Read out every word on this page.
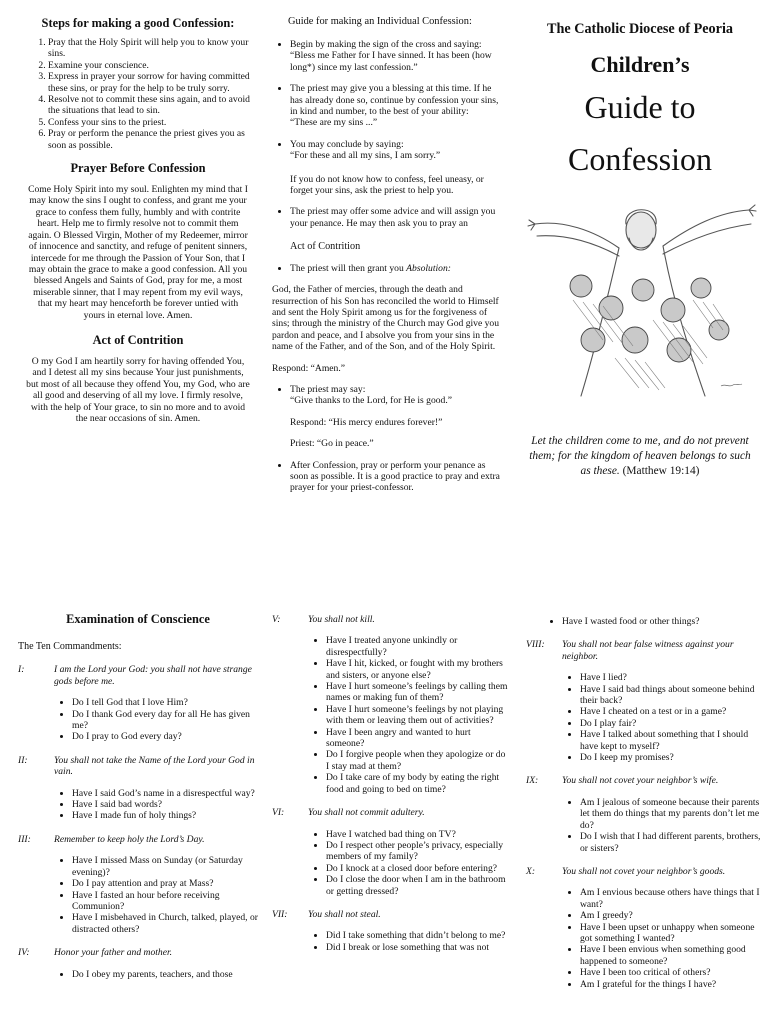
Steps for making a good Confession:
1. Pray that the Holy Spirit will help you to know your sins.
2. Examine your conscience.
3. Express in prayer your sorrow for having committed these sins, or pray for the help to be truly sorry.
4. Resolve not to commit these sins again, and to avoid the situations that lead to sin.
5. Confess your sins to the priest.
6. Pray or perform the penance the priest gives you as soon as possible.
Prayer Before Confession

Come Holy Spirit into my soul. Enlighten my mind that I may know the sins I ought to confess, and grant me your grace to confess them fully, humbly and with contrite heart. Help me to firmly resolve not to commit them again. O Blessed Virgin, Mother of my Redeemer, mirror of innocence and sanctity, and refuge of penitent sinners, intercede for me through the Passion of Your Son, that I may obtain the grace to make a good confession. All you blessed Angels and Saints of God, pray for me, a most miserable sinner, that I may repent from my evil ways, that my heart may henceforth be forever untied with yours in eternal love. Amen.

Act of Contrition

O my God I am heartily sorry for having offended You, and I detest all my sins because Your just punishments, but most of all because they offend You, my God, who are all good and deserving of all my love. I firmly resolve, with the help of Your grace, to sin no more and to avoid the near occasions of sin. Amen.

Guide for making an Individual Confession:
• Begin by making the sign of the cross and saying:
“Bless me Father for I have sinned. It has been (how long*) since my last confession.”
• The priest may give you a blessing at this time. If he has already done so, continue by confession your sins, in kind and number, to the best of your ability:
“These are my sins ...”
• You may conclude by saying:
“For these and all my sins, I am sorry.”
If you do not know how to confess, feel uneasy, or forget your sins, ask the priest to help you.
• The priest may offer some advice and will assign you your penance. He may then ask you to pray an
Act of Contrition
• The priest will then grant you Absolution:
God, the Father of mercies, through the death and resurrection of his Son has reconciled the world to Himself and sent the Holy Spirit among us for the forgiveness of sins; through the ministry of the Church may God give you pardon and peace, and I absolve you from your sins in the name of the Father, and of the Son, and of the Holy Spirit.
Respond: “Amen.”
• The priest may say:
“Give thanks to the Lord, for He is good.”
Respond: “His mercy endures forever!”
Priest: “Go in peace.”
• After Confession, pray or perform your penance as soon as possible. It is a good practice to pray and extra prayer for your priest-confessor.
The Catholic Diocese of Peoria
Children’s
Guide to
Confession
Let the children come to me, and do not prevent them; for the kingdom of heaven belongs to such as these. (Matthew 19:14)
Examination of Conscience
The Ten Commandments:
I:	I am the Lord your God: you shall not have strange gods before me.
• Do I tell God that I love Him?
• Do I thank God every day for all He has given me?
• Do I pray to God every day?
II:	You shall not take the Name of the Lord your God in vain.
• Have I said God’s name in a disrespectful way?
• Have I said bad words?
• Have I made fun of holy things?
III:	Remember to keep holy the Lord’s Day.
• Have I missed Mass on Sunday (or Saturday evening)?
• Do I pay attention and pray at Mass?
• Have I fasted an hour before receiving Communion?
• Have I misbehaved in Church, talked, played, or distracted others?
IV:	Honor your father and mother.
• Do I obey my parents, teachers, and those
V:	You shall not kill.
• Have I treated anyone unkindly or disrespectfully?
• Have I hit, kicked, or fought with my brothers and sisters, or anyone else?
• Have I hurt someone’s feelings by calling them names or making fun of them?
• Have I hurt someone’s feelings by not playing with them or leaving them out of activities?
• Have I been angry and wanted to hurt someone?
• Do I forgive people when they apologize or do I stay mad at them?
• Do I take care of my body by eating the right food and going to bed on time?
VI:	You shall not commit adultery.
• Have I watched bad thing on TV?
• Do I respect other people’s privacy, especially members of my family?
• Do I knock at a closed door before entering?
• Do I close the door when I am in the bathroom or getting dressed?
VII:	You shall not steal.
• Did I take something that didn’t belong to me?
• Did I break or lose something that was not
• Have I wasted food or other things?
VIII:	You shall not bear false witness against your neighbor.
• Have I lied?
• Have I said bad things about someone behind their back?
• Have I cheated on a test or in a game?
• Do I play fair?
• Have I talked about something that I should have kept to myself?
• Do I keep my promises?
IX:	You shall not covet your neighbor’s wife.
• Am I jealous of someone because their parents let them do things that my parents don’t let me do?
• Do I wish that I had different parents, brothers, or sisters?
X:	You shall not covet your neighbor’s goods.
• Am I envious because others have things that I want?
• Am I greedy?
• Have I been upset or unhappy when someone got something I wanted?
• Have I been envious when something good happened to someone?
• Have I been too critical of others?
• Am I grateful for the things I have?
